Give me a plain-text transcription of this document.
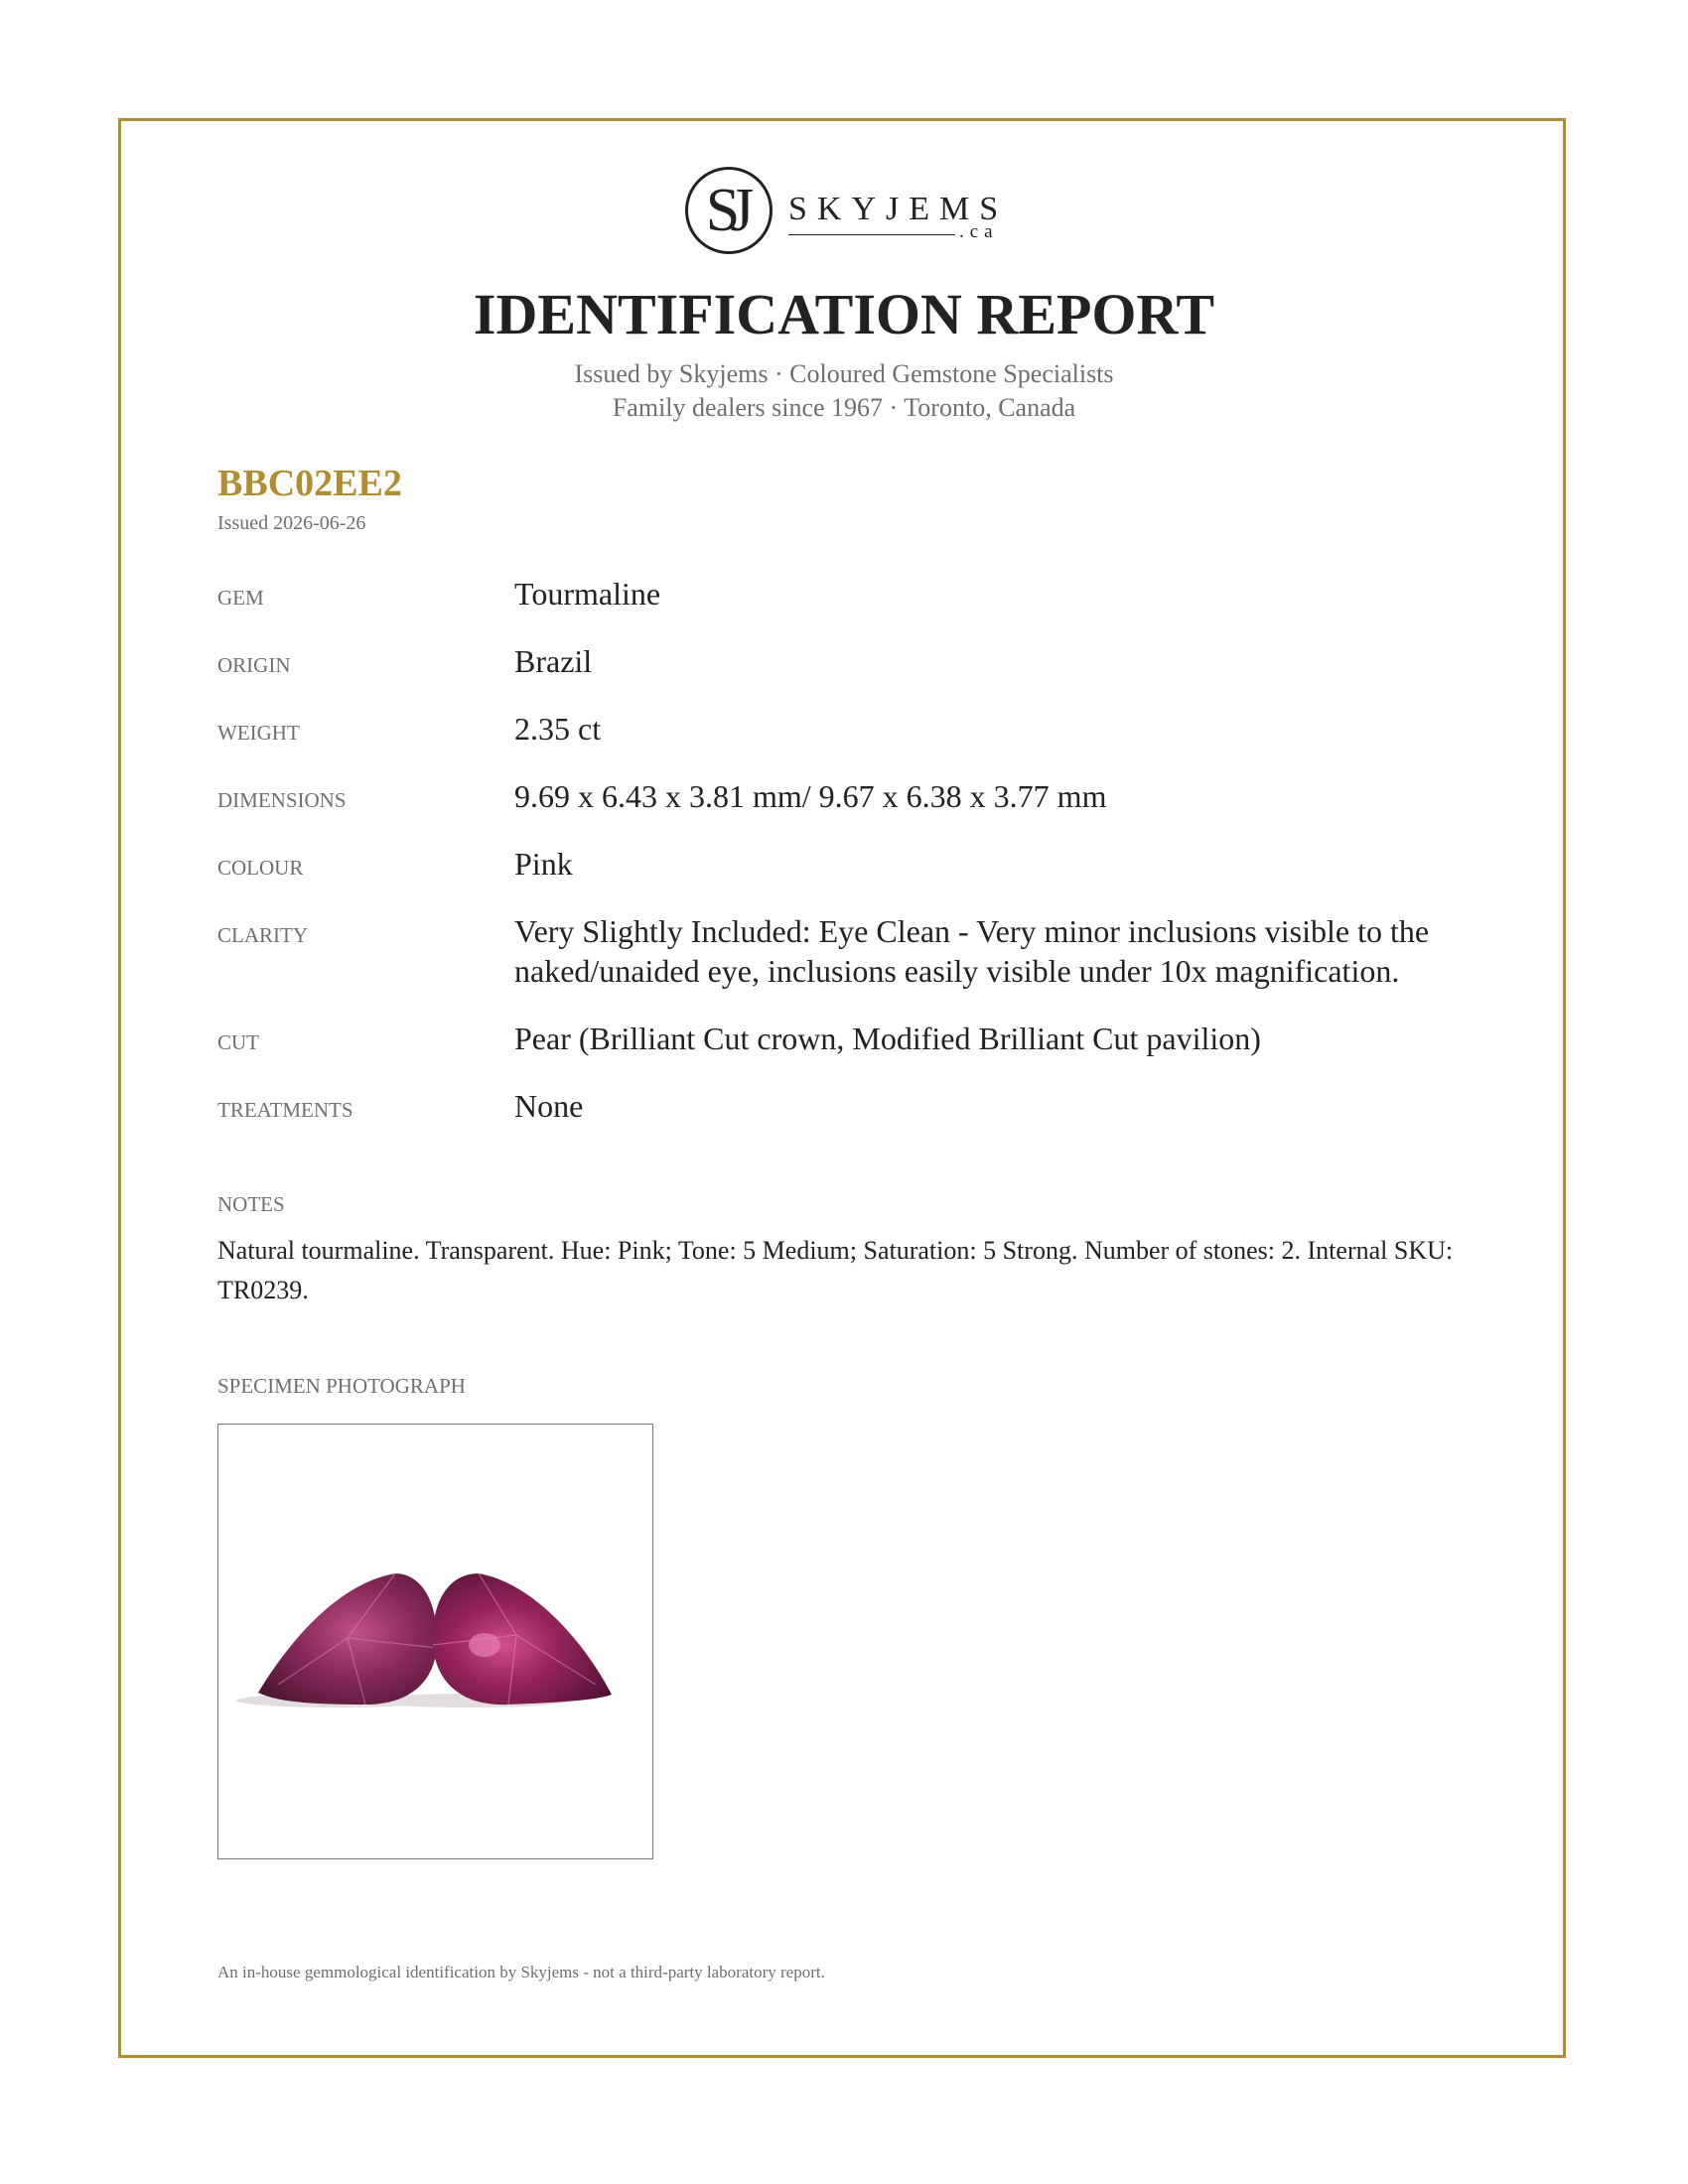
SJ	SKYJEMS
.ca
IDENTIFICATION REPORT
Issued by Skyjems · Coloured Gemstone Specialists
Family dealers since 1967 · Toronto, Canada
BBC02EE2
Issued 2026-06-26
GEM	Tourmaline
ORIGIN	Brazil
WEIGHT	2.35 ct
DIMENSIONS	9.69 x 6.43 x 3.81 mm/ 9.67 x 6.38 x 3.77 mm
COLOUR	Pink
CLARITY	Very Slightly Included: Eye Clean - Very minor inclusions visible to the naked/unaided eye, inclusions easily visible under 10x magnification.
CUT	Pear (Brilliant Cut crown, Modified Brilliant Cut pavilion)
TREATMENTS	None
NOTES
Natural tourmaline. Transparent. Hue: Pink; Tone: 5 Medium; Saturation: 5 Strong. Number of stones: 2. Internal SKU: TR0239.
SPECIMEN PHOTOGRAPH
An in-house gemmological identification by Skyjems - not a third-party laboratory report.
